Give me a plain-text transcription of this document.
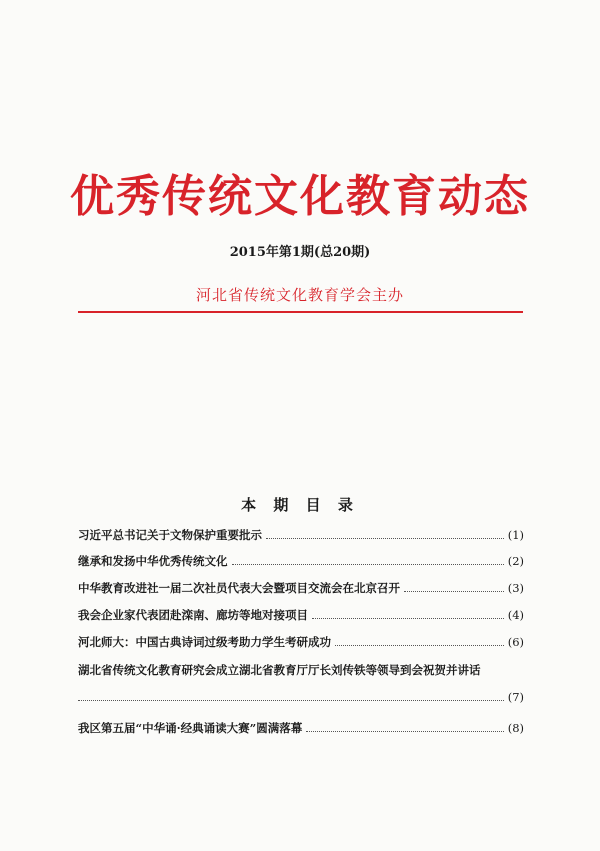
优秀传统文化教育动态
2015年第1期(总20期)
河北省传统文化教育学会主办
本 期 目 录
习近平总书记关于文物保护重要批示	(1)
继承和发扬中华优秀传统文化	(2)
中华教育改进社一届二次社员代表大会暨项目交流会在北京召开	(3)
我会企业家代表团赴滦南、廊坊等地对接项目	(4)
河北师大：中国古典诗词过级考助力学生考研成功	(6)
湖北省传统文化教育研究会成立湖北省教育厅厅长刘传铁等领导到会祝贺并讲话
(7)
我区第五届“中华诵·经典诵读大赛”圆满落幕	(8)
